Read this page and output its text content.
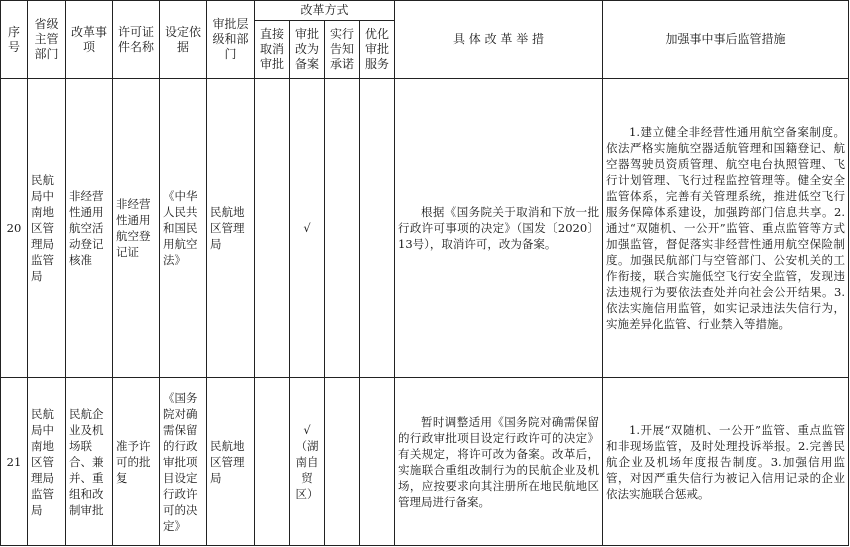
序号	省级主管部门	改革事项	许可证件名称	设定依据	审批层级和部门	改革方式				具 体 改 革 举 措	加强事中事后监管措施
						直接取消审批	审批改为备案	实行告知承诺	优化审批服务		
20	民航局中南地区管理局监管局	非经营性通用航空活动登记核准	非经营性通用航空登记证	《中华人民共和国民用航空法》	民航地区管理局		√			根据《国务院关于取消和下放一批行政许可事项的决定》（国发〔2020〕13号），取消许可，改为备案。	1.建立健全非经营性通用航空备案制度。依法严格实施航空器适航管理和国籍登记、航空器驾驶员资质管理、航空电台执照管理、飞行计划管理、飞行过程监控管理等。健全安全监管体系，完善有关管理系统，推进低空飞行服务保障体系建设，加强跨部门信息共享。2.通过“双随机、一公开”监管、重点监管等方式加强监管，督促落实非经营性通用航空保险制度。加强民航部门与空管部门、公安机关的工作衔接，联合实施低空飞行安全监管，发现违法违规行为要依法查处并向社会公开结果。3.依法实施信用监管，如实记录违法失信行为，实施差异化监管、行业禁入等措施。
21	民航局中南地区管理局监管局	民航企业及机场联合、兼并、重组和改制审批	准予许可的批复	《国务院对确需保留的行政审批项目设定行政许可的决定》	民航地区管理局		√（湖南自贸区）			暂时调整适用《国务院对确需保留的行政审批项目设定行政许可的决定》有关规定，将许可改为备案。改革后，实施联合重组改制行为的民航企业及机场，应按要求向其注册所在地民航地区管理局进行备案。	1.开展“双随机、一公开”监管、重点监管和非现场监管，及时处理投诉举报。2.完善民航企业及机场年度报告制度。3.加强信用监管，对因严重失信行为被记入信用记录的企业依法实施联合惩戒。
